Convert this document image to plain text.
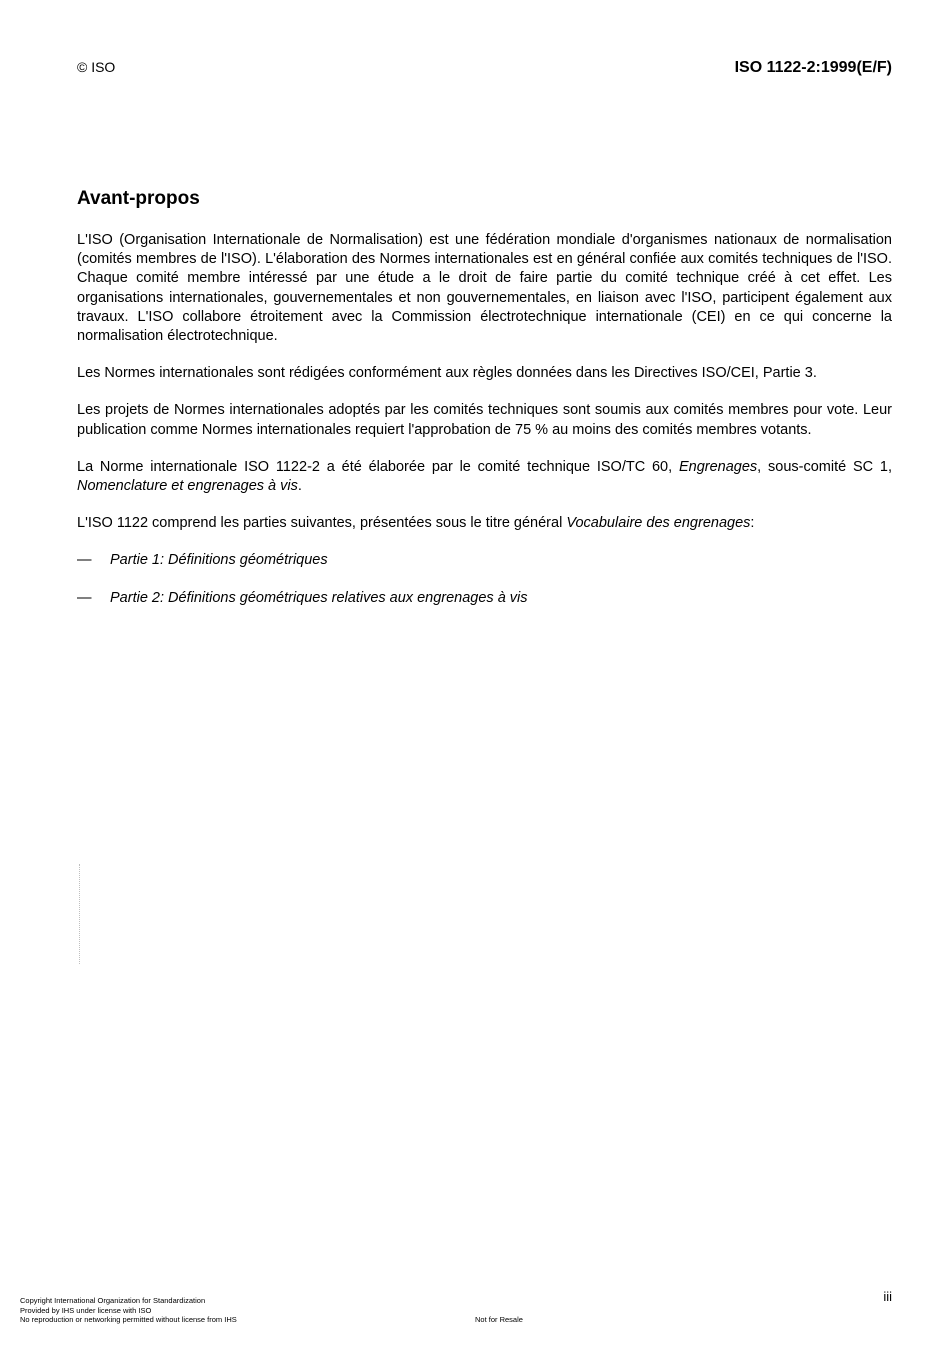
© ISO	ISO 1122-2:1999(E/F)
Avant-propos

L'ISO (Organisation Internationale de Normalisation) est une fédération mondiale d'organismes nationaux de normalisation (comités membres de l'ISO). L'élaboration des Normes internationales est en général confiée aux comités techniques de l'ISO. Chaque comité membre intéressé par une étude a le droit de faire partie du comité technique créé à cet effet. Les organisations internationales, gouvernementales et non gouvernementales, en liaison avec l'ISO, participent également aux travaux. L'ISO collabore étroitement avec la Commission électrotechnique internationale (CEI) en ce qui concerne la normalisation électrotechnique.

Les Normes internationales sont rédigées conformément aux règles données dans les Directives ISO/CEI, Partie 3.

Les projets de Normes internationales adoptés par les comités techniques sont soumis aux comités membres pour vote. Leur publication comme Normes internationales requiert l'approbation de 75 % au moins des comités membres votants.

La Norme internationale ISO 1122-2 a été élaborée par le comité technique ISO/TC 60, Engrenages, sous-comité SC 1, Nomenclature et engrenages à vis.

L'ISO 1122 comprend les parties suivantes, présentées sous le titre général Vocabulaire des engrenages:

— Partie 1: Définitions géométriques
— Partie 2: Définitions géométriques relatives aux engrenages à vis
Copyright International Organization for Standardization
Provided by IHS under license with ISO
No reproduction or networking permitted without license from IHS	Not for Resale
iii
